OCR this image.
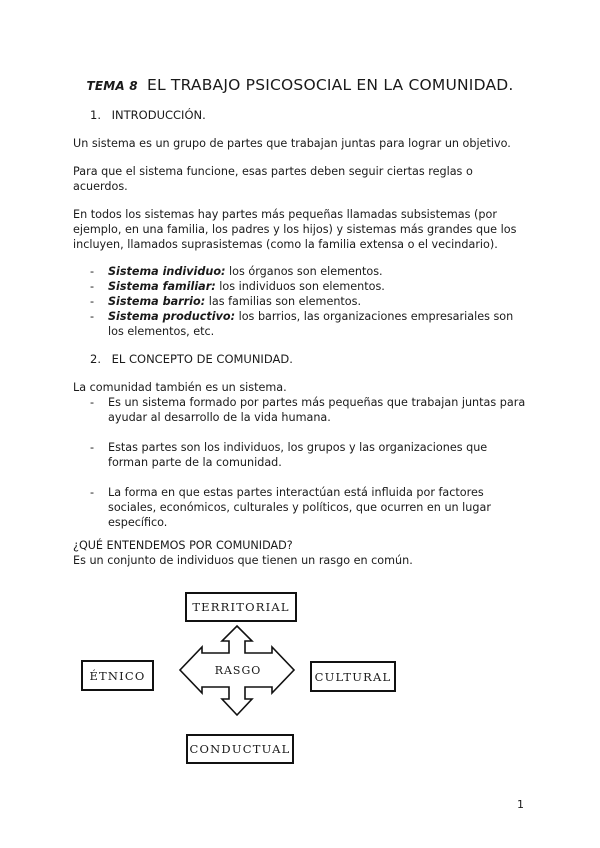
TEMA 8 EL TRABAJO PSICOSOCIAL EN LA COMUNIDAD.
1. INTRODUCCIÓN.
Un sistema es un grupo de partes que trabajan juntas para lograr un objetivo.
Para que el sistema funcione, esas partes deben seguir ciertas reglas o acuerdos.
En todos los sistemas hay partes más pequeñas llamadas subsistemas (por ejemplo, en una familia, los padres y los hijos) y sistemas más grandes que los incluyen, llamados suprasistemas (como la familia extensa o el vecindario).
- Sistema individuo: los órganos son elementos.
- Sistema familiar: los individuos son elementos.
- Sistema barrio: las familias son elementos.
- Sistema productivo: los barrios, las organizaciones empresariales son los elementos, etc.
2. EL CONCEPTO DE COMUNIDAD.
La comunidad también es un sistema.
- Es un sistema formado por partes más pequeñas que trabajan juntas para ayudar al desarrollo de la vida humana.
- Estas partes son los individuos, los grupos y las organizaciones que forman parte de la comunidad.
- La forma en que estas partes interactúan está influida por factores sociales, económicos, culturales y políticos, que ocurren en un lugar específico.
¿QUÉ ENTENDEMOS POR COMUNIDAD?
Es un conjunto de individuos que tienen un rasgo en común.
TERRITORIAL
ÉTNICO	CULTURAL
CONDUCTUAL
RASGO
1
